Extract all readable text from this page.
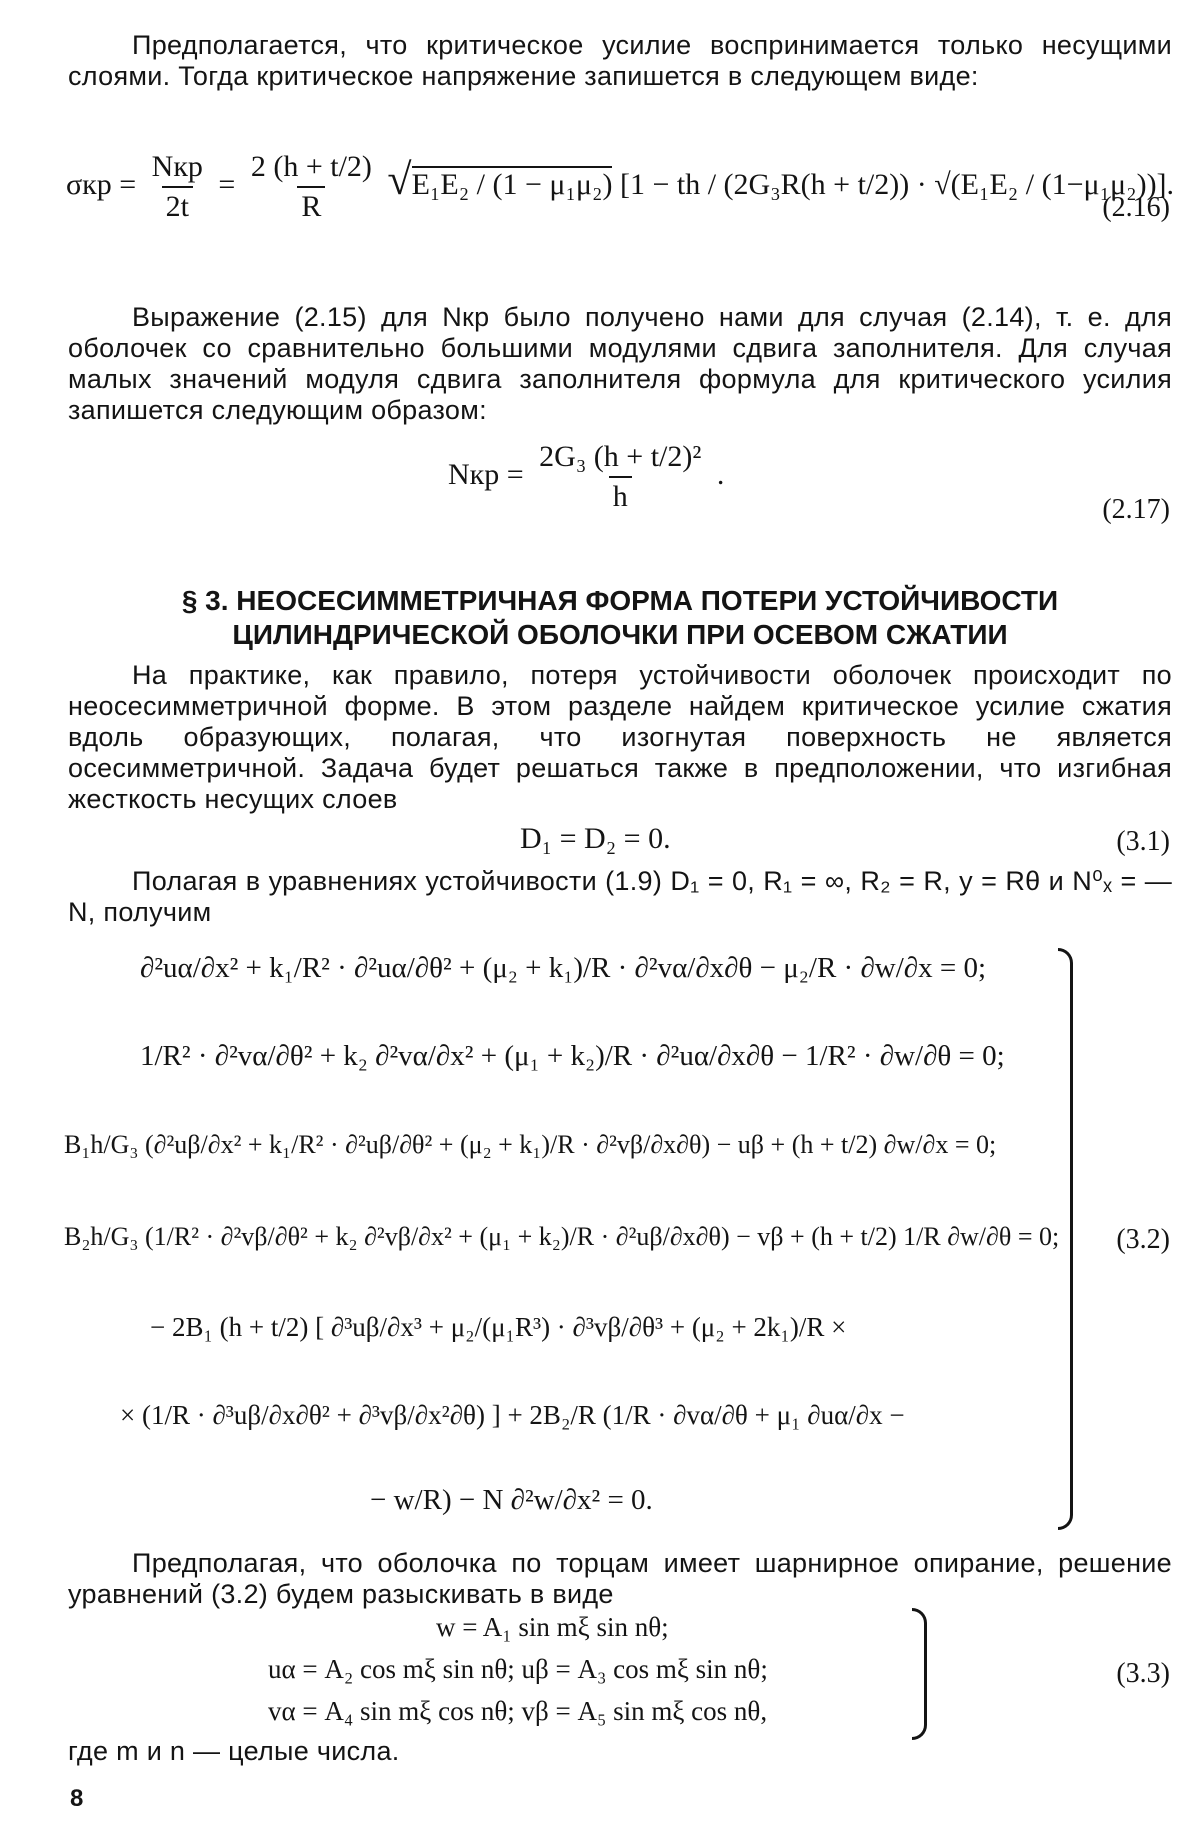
Предполагается, что критическое усилие воспринимается только несущими слоями. Тогда критическое напряжение запишется в следующем виде:
$\sigma кр = \frac{\text{Nкр}}{2t} = \frac{2 (h + t/2)}{R} √E_1E_2 / (1 - \mu_1\mu_2) [1$ − th / (2G₃R(h + t/2)) · √(E₁E₂ / (1−μ₁μ₂))].
(2.16)
Выражение (2.15) для Nкр было получено нами для случая (2.14), т. е. для оболочек со сравнительно большими модулями сдвига заполнителя. Для случая малых значений модуля сдвига заполнителя формула для критического усилия запишется следующим образом:
Nкр = $\frac{\text{2G₃ (h + t/2)²}}{h}$ .
(2.17)
§ 3. НЕОСЕСИММЕТРИЧНАЯ ФОРМА ПОТЕРИ УСТОЙЧИВОСТИ
ЦИЛИНДРИЧЕСКОЙ ОБОЛОЧКИ ПРИ ОСЕВОМ СЖАТИИ
На практике, как правило, потеря устойчивости оболочек происходит по неосесимметричной форме. В этом разделе найдем критическое усилие сжатия вдоль образующих, полагая, что изогнутая поверхность не является осесимметричной. Задача будет решаться также в предположении, что изгибная жесткость несущих слоев
D₁ = D₂ = 0.	(3.1)
Полагая в уравнениях устойчивости (1.9) D₁ = 0, R₁ = ∞, R₂ = R, y = Rθ и N⁰ₓ = — N, получим
∂²uα/∂x² + k₁/R² · ∂²uα/∂θ² + (μ₂ + k₁)/R · ∂²vα/∂x∂θ − μ₂/R · ∂w/∂x = 0;
1/R² · ∂²vα/∂θ² + k₂ ∂²vα/∂x² + (μ₁ + k₂)/R · ∂²uα/∂x∂θ − 1/R² · ∂w/∂θ = 0;
B₁h/G₃ (∂²uβ/∂x² + k₁/R² · ∂²uβ/∂θ² + (μ₂ + k₁)/R · ∂²vβ/∂x∂θ) − uβ + (h + t/2) ∂w/∂x = 0;
B₂h/G₃ (1/R² · ∂²vβ/∂θ² + k₂ ∂²vβ/∂x² + (μ₁ + k₂)/R · ∂²uβ/∂x∂θ) − vβ + (h + t/2) 1/R ∂w/∂θ = 0;
− 2B₁ (h + t/2) [ ∂³uβ/∂x³ + μ₂/(μ₁R³) · ∂³vβ/∂θ³ + (μ₂ + 2k₁)/R ×
× (1/R · ∂³uβ/∂x∂θ² + ∂³vβ/∂x²∂θ) ] + 2B₂/R (1/R · ∂vα/∂θ + μ₁ ∂uα/∂x −
− w/R) − N ∂²w/∂x² = 0.
(3.2)
Предполагая, что оболочка по торцам имеет шарнирное опирание, решение уравнений (3.2) будем разыскивать в виде
w = A₁ sin mξ sin nθ;
uα = A₂ cos mξ sin nθ; uβ = A₃ cos mξ sin nθ;
vα = A₄ sin mξ cos nθ; vβ = A₅ sin mξ cos nθ,
(3.3)
где m и n — целые числа.
8
